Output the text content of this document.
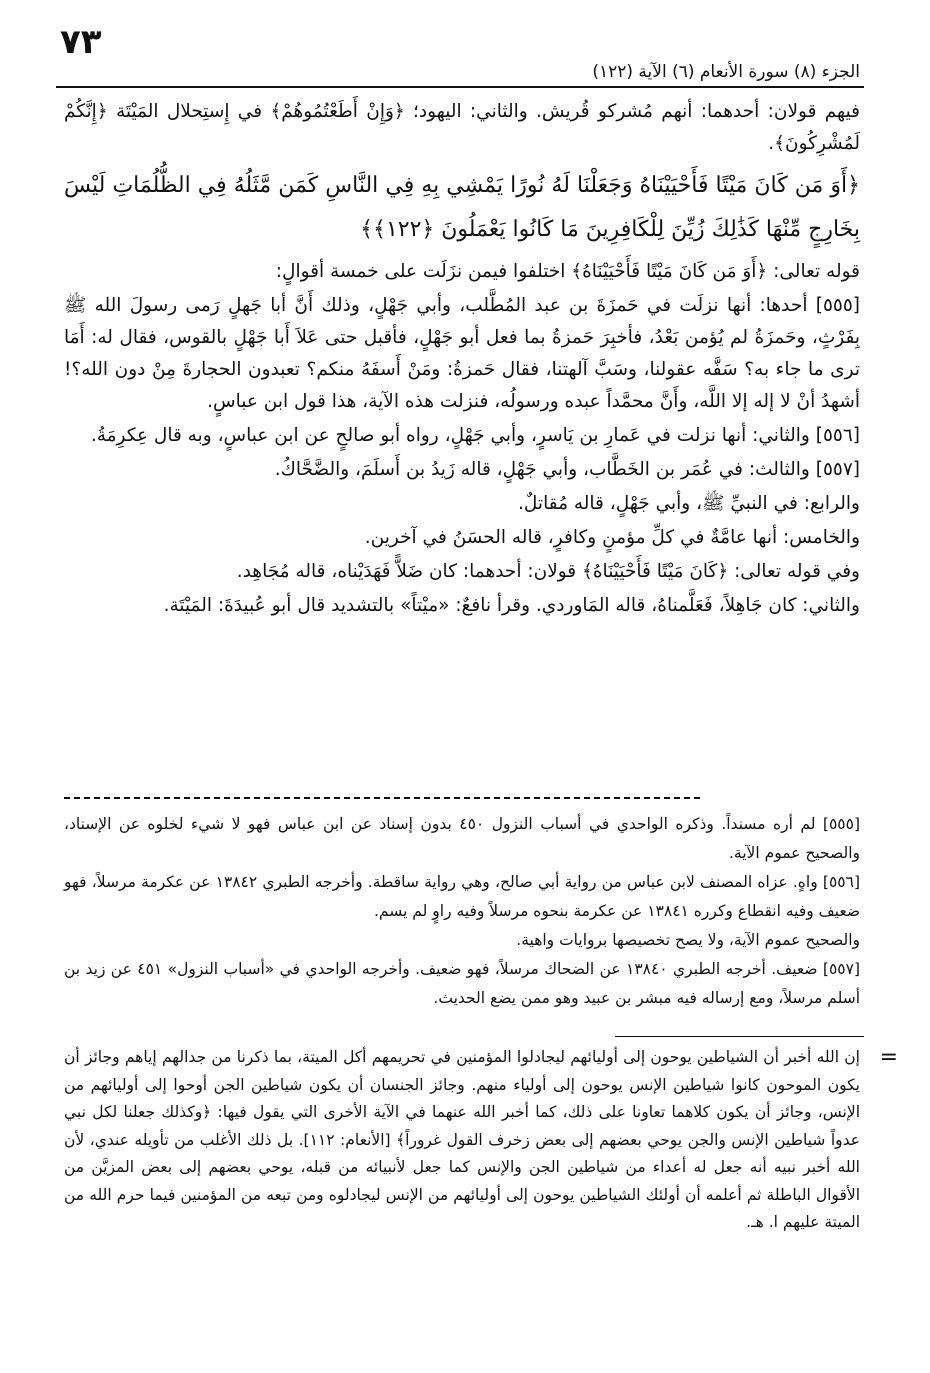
٧٣
الجزء (٨) سورة الأنعام (٦) الآية (١٢٢)

فيهم قولان: أحدهما: أنهم مُشركو قُريش. والثاني: اليهود؛ ﴿وَإِنْ أَطَعْتُمُوهُمْ﴾ في إِستِحلال المَيْتَة ﴿إِنَّكُمْ لَمُشْرِكُونَ﴾.

﴿أَوَ مَن كَانَ مَيْتًا فَأَحْيَيْنَاهُ وَجَعَلْنَا لَهُ نُورًا يَمْشِي بِهِ فِي النَّاسِ كَمَن مَّثَلُهُ فِي الظُّلُمَاتِ لَيْسَ بِخَارِجٍ مِّنْهَا كَذَٰلِكَ زُيِّنَ لِلْكَافِرِينَ مَا كَانُوا يَعْمَلُونَ ﴿١٢٢﴾﴾

قوله تعالى: ﴿أَوَ مَن كَانَ مَيْتًا فَأَحْيَيْنَاهُ﴾ اختلفوا فيمن نزَلَت على خمسة أقوالٍ:

[٥٥٥] أحدها: أنها نزلَت في حَمزَةَ بن عبد المُطَّلب، وأبي جَهْلٍ، وذلك أَنَّ أبا جَهلٍ رَمى رسولَ الله ﷺ بِفَرْثٍ، وحَمزَةُ لم يُؤمن بَعْدُ، فأخبِرَ حَمزةُ بما فعل أبو جَهْلٍ، فأقبل حتى عَلاَ أَبا جَهْلٍ بالقوس، فقال له: أَمَا ترى ما جاء به؟ سَفَّه عقولنا، وسَبَّ آلهتنا، فقال حَمزةُ: ومَنْ أَسفَهُ منكم؟ تعبدون الحجارةَ مِنْ دون الله؟! أشهدُ أنْ لا إله إلا اللَّه، وأَنَّ محمَّداً عبده ورسولُه، فنزلت هذه الآية، هذا قول ابن عباسٍ.

[٥٥٦] والثاني: أنها نزلت في عَمارِ بن يَاسرٍ، وأبي جَهْلٍ، رواه أبو صالحٍ عن ابن عباسٍ، وبه قال عِكرِمَةُ.

[٥٥٧] والثالث: في عُمَر بن الخَطَّاب، وأبي جَهْلٍ، قاله زَيدُ بن أَسلَمَ، والضَّحَّاكُ.

والرابع: في النبيِّ ﷺ، وأبي جَهْلٍ، قاله مُقاتلٌ.

والخامس: أنها عامَّةٌ في كلِّ مؤمنٍ وكافرٍ، قاله الحسَنُ في آخرين.

وفي قوله تعالى: ﴿كَانَ مَيْتًا فَأَحْيَيْنَاهُ﴾ قولان: أحدهما: كان ضَلاًّ فَهَدَيْناه، قاله مُجَاهِد.

والثاني: كان جَاهِلاً، فَعَلَّمناهُ، قاله المَاوردي. وقرأ نافعٌ: «ميْتاً» بالتشديد قال أبو عُبيدَةَ: المَيْتَة.

[٥٥٥] لم أره مسنداً. وذكره الواحدي في أسباب النزول ٤٥٠ بدون إسناد عن ابن عباس فهو لا شيء لخلوه عن الإسناد، والصحيح عموم الآية.

[٥٥٦] واهٍ. عزاه المصنف لابن عباس من رواية أبي صالح، وهي رواية ساقطة. وأخرجه الطبري ١٣٨٤٢ عن عكرمة مرسلاً، فهو ضعيف وفيه انقطاع وكرره ١٣٨٤١ عن عكرمة بنحوه مرسلاً وفيه راوٍ لم يسم.

والصحيح عموم الآية، ولا يصح تخصيصها بروايات واهية.

[٥٥٧] ضعيف. أخرجه الطبري ١٣٨٤٠ عن الضحاك مرسلاً، فهو ضعيف. وأخرجه الواحدي في «أسباب النزول» ٤٥١ عن زيد بن أسلم مرسلاً، ومع إرساله فيه مبشر بن عبيد وهو ممن يضع الحديث.

=

إن الله أخبر أن الشياطين يوحون إلى أوليائهم ليجادلوا المؤمنين في تحريمهم أكل الميتة، بما ذكرنا من جدالهم إياهم وجائز أن يكون الموحون كانوا شياطين الإنس يوحون إلى أولياء منهم. وجائز الجنسان أن يكون شياطين الجن أوحوا إلى أوليائهم من الإنس، وجائز أن يكون كلاهما تعاونا على ذلك، كما أخبر الله عنهما في الآية الأخرى التي يقول فيها: ﴿وكذلك جعلنا لكل نبي عدواً شياطين الإنس والجن يوحي بعضهم إلى بعض زخرف القول غروراً﴾ [الأنعام: ١١٢]. بل ذلك الأغلب من تأويله عندي، لأن الله أخبر نبيه أنه جعل له أعداء من شياطين الجن والإنس كما جعل لأنبيائه من قبله، يوحي بعضهم إلى بعض المزيَّن من الأقوال الباطلة ثم أعلمه أن أولئك الشياطين يوحون إلى أوليائهم من الإنس ليجادلوه ومن تبعه من المؤمنين فيما حرم الله من الميتة عليهم ا. هـ.
